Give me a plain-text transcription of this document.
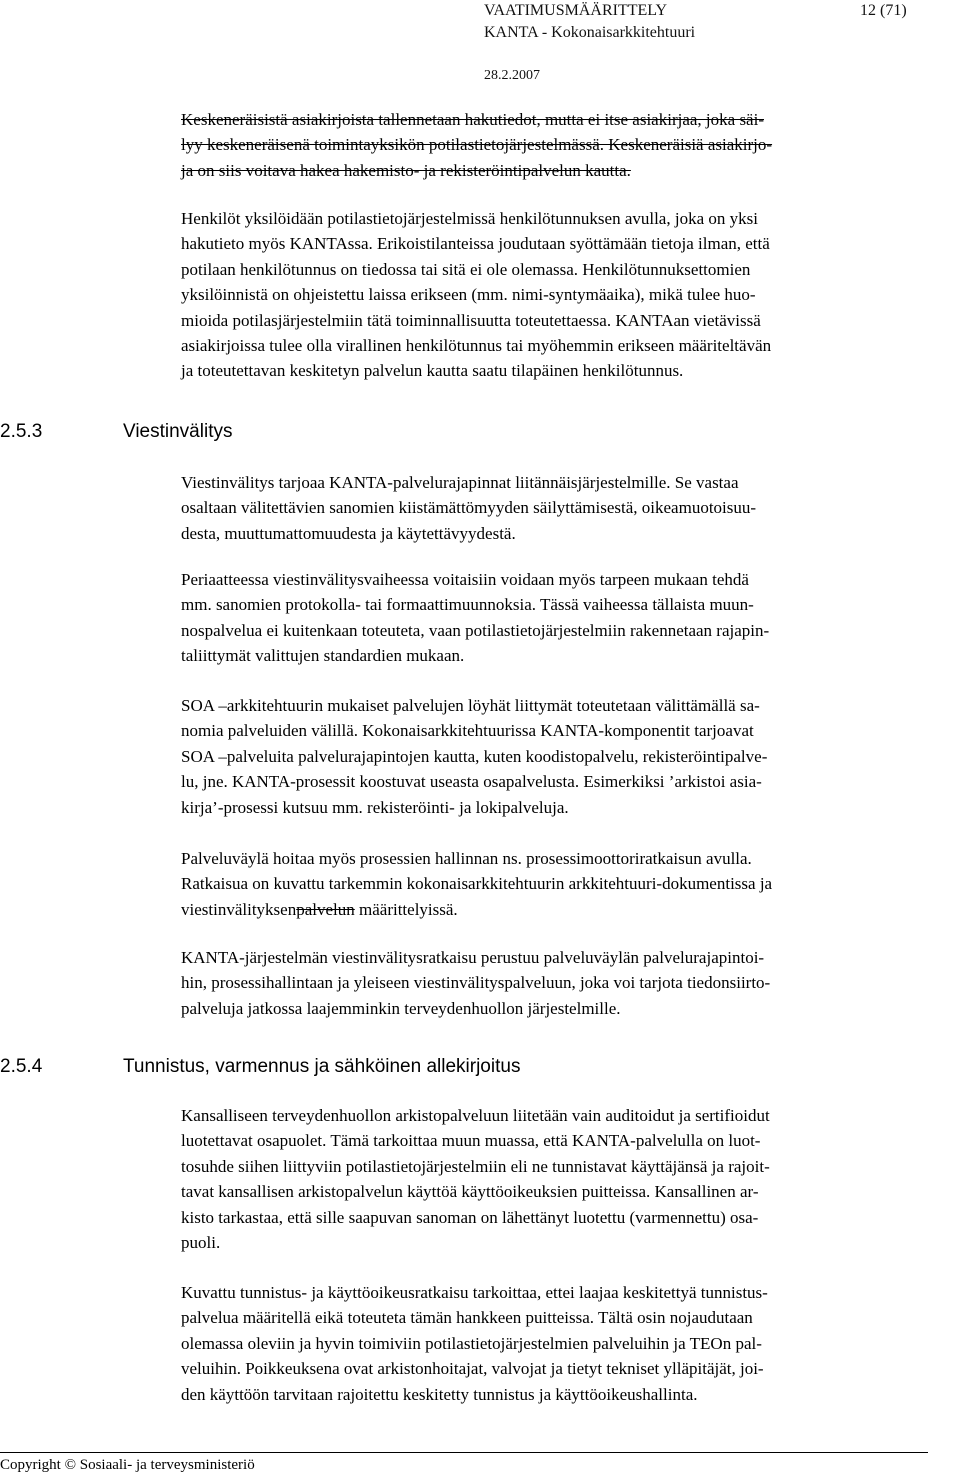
VAATIMUSMÄÄRITTELY	12 (71)
KANTA - Kokonaisarkkitehtuuri
28.2.2007
Keskeneräisistä asiakirjoista tallennetaan hakutiedot, mutta ei itse asiakirjaa, joka säi-
lyy keskeneräisenä toimintayksikön potilastietojärjestelmässä. Keskeneräisiä asiakirjo-
ja on siis voitava hakea hakemisto- ja rekisteröintipalvelun kautta.
Henkilöt yksilöidään potilastietojärjestelmissä henkilötunnuksen avulla, joka on yksi
hakutieto myös KANTAssa. Erikoistilanteissa joudutaan syöttämään tietoja ilman, että
potilaan henkilötunnus on tiedossa tai sitä ei ole olemassa. Henkilötunnuksettomien
yksilöinnistä on ohjeistettu laissa erikseen (mm. nimi-syntymäaika), mikä tulee huo-
mioida potilasjärjestelmiin tätä toiminnallisuutta toteutettaessa. KANTAan vietävissä
asiakirjoissa tulee olla virallinen henkilötunnus tai myöhemmin erikseen määriteltävän
ja toteutettavan keskitetyn palvelun kautta saatu tilapäinen henkilötunnus.
2.5.3	Viestinvälitys
Viestinvälitys tarjoaa KANTA-palvelurajapinnat liitännäisjärjestelmille. Se vastaa
osaltaan välitettävien sanomien kiistämättömyyden säilyttämisestä, oikeamuotoisuu-
desta, muuttumattomuudesta ja käytettävyydestä.
Periaatteessa viestinvälitysvaiheessa voitaisiin voidaan myös tarpeen mukaan tehdä
mm. sanomien protokolla- tai formaattimuunnoksia. Tässä vaiheessa tällaista muun-
nospalvelua ei kuitenkaan toteuteta, vaan potilastietojärjestelmiin rakennetaan rajapin-
taliittymät valittujen standardien mukaan.
SOA –arkkitehtuurin mukaiset palvelujen löyhät liittymät toteutetaan välittämällä sa-
nomia palveluiden välillä. Kokonaisarkkitehtuurissa KANTA-komponentit tarjoavat
SOA –palveluita palvelurajapintojen kautta, kuten koodistopalvelu, rekisteröintipalve-
lu, jne. KANTA-prosessit koostuvat useasta osapalvelusta. Esimerkiksi ’arkistoi asia-
kirja’-prosessi kutsuu mm. rekisteröinti- ja lokipalveluja.
Palveluväylä hoitaa myös prosessien hallinnan ns. prosessimoottoriratkaisun avulla.
Ratkaisua on kuvattu tarkemmin kokonaisarkkitehtuurin arkkitehtuuri-dokumentissa ja
viestinvälityksenpalvelun määrittelyissä.
KANTA-järjestelmän viestinvälitysratkaisu perustuu palveluväylän palvelurajapintoi-
hin, prosessihallintaan ja yleiseen viestinvälityspalveluun, joka voi tarjota tiedonsiirto-
palveluja jatkossa laajemminkin terveydenhuollon järjestelmille.
2.5.4	Tunnistus, varmennus ja sähköinen allekirjoitus
Kansalliseen terveydenhuollon arkistopalveluun liitetään vain auditoidut ja sertifioidut
luotettavat osapuolet. Tämä tarkoittaa muun muassa, että KANTA-palvelulla on luot-
tosuhde siihen liittyviin potilastietojärjestelmiin eli ne tunnistavat käyttäjänsä ja rajoit-
tavat kansallisen arkistopalvelun käyttöä käyttöoikeuksien puitteissa. Kansallinen ar-
kisto tarkastaa, että sille saapuvan sanoman on lähettänyt luotettu (varmennettu) osa-
puoli.
Kuvattu tunnistus- ja käyttöoikeusratkaisu tarkoittaa, ettei laajaa keskitettyä tunnistus-
palvelua määritellä eikä toteuteta tämän hankkeen puitteissa. Tältä osin nojaudutaan
olemassa oleviin ja hyvin toimiviin potilastietojärjestelmien palveluihin ja TEOn pal-
veluihin. Poikkeuksena ovat arkistonhoitajat, valvojat ja tietyt tekniset ylläpitäjät, joi-
den käyttöön tarvitaan rajoitettu keskitetty tunnistus ja käyttöoikeushallinta.
Copyright © Sosiaali- ja terveysministeriö
